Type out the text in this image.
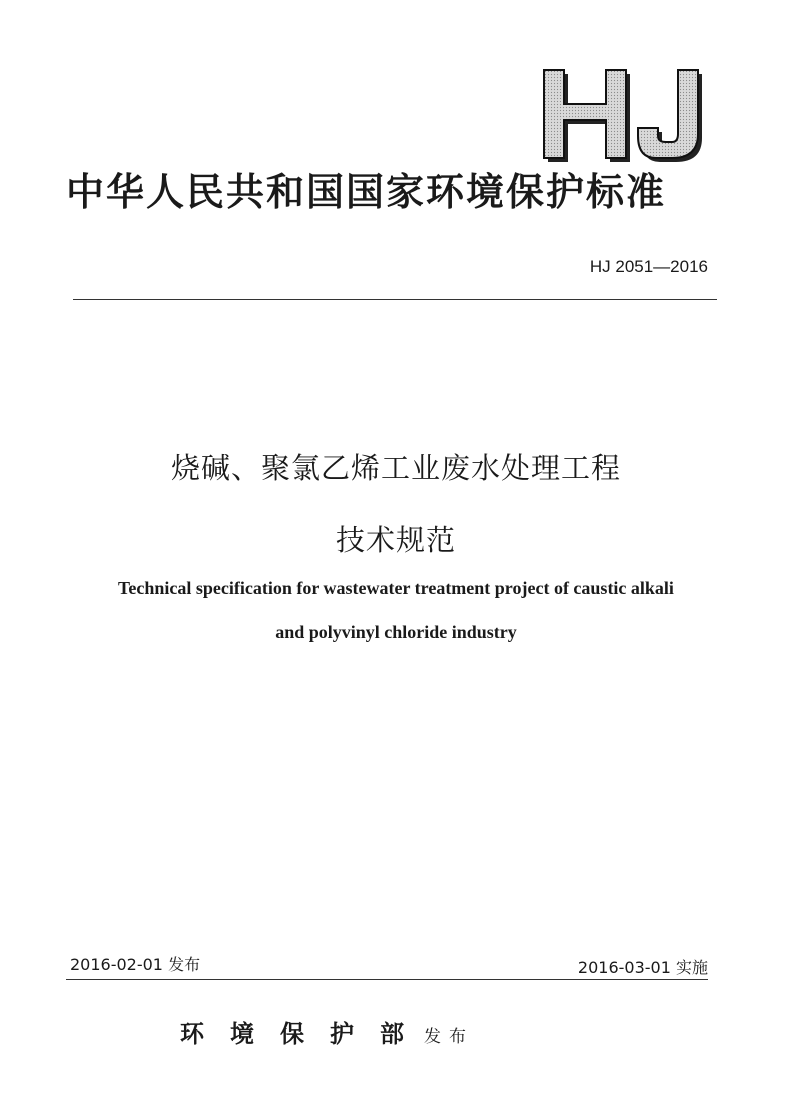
HJ
中华人民共和国国家环境保护标准
HJ 2051—2016
烧碱、聚氯乙烯工业废水处理工程
技术规范
Technical specification for wastewater treatment project of caustic alkali
and polyvinyl chloride industry
2016-02-01 发布	2016-03-01 实施
环境保护部发布
